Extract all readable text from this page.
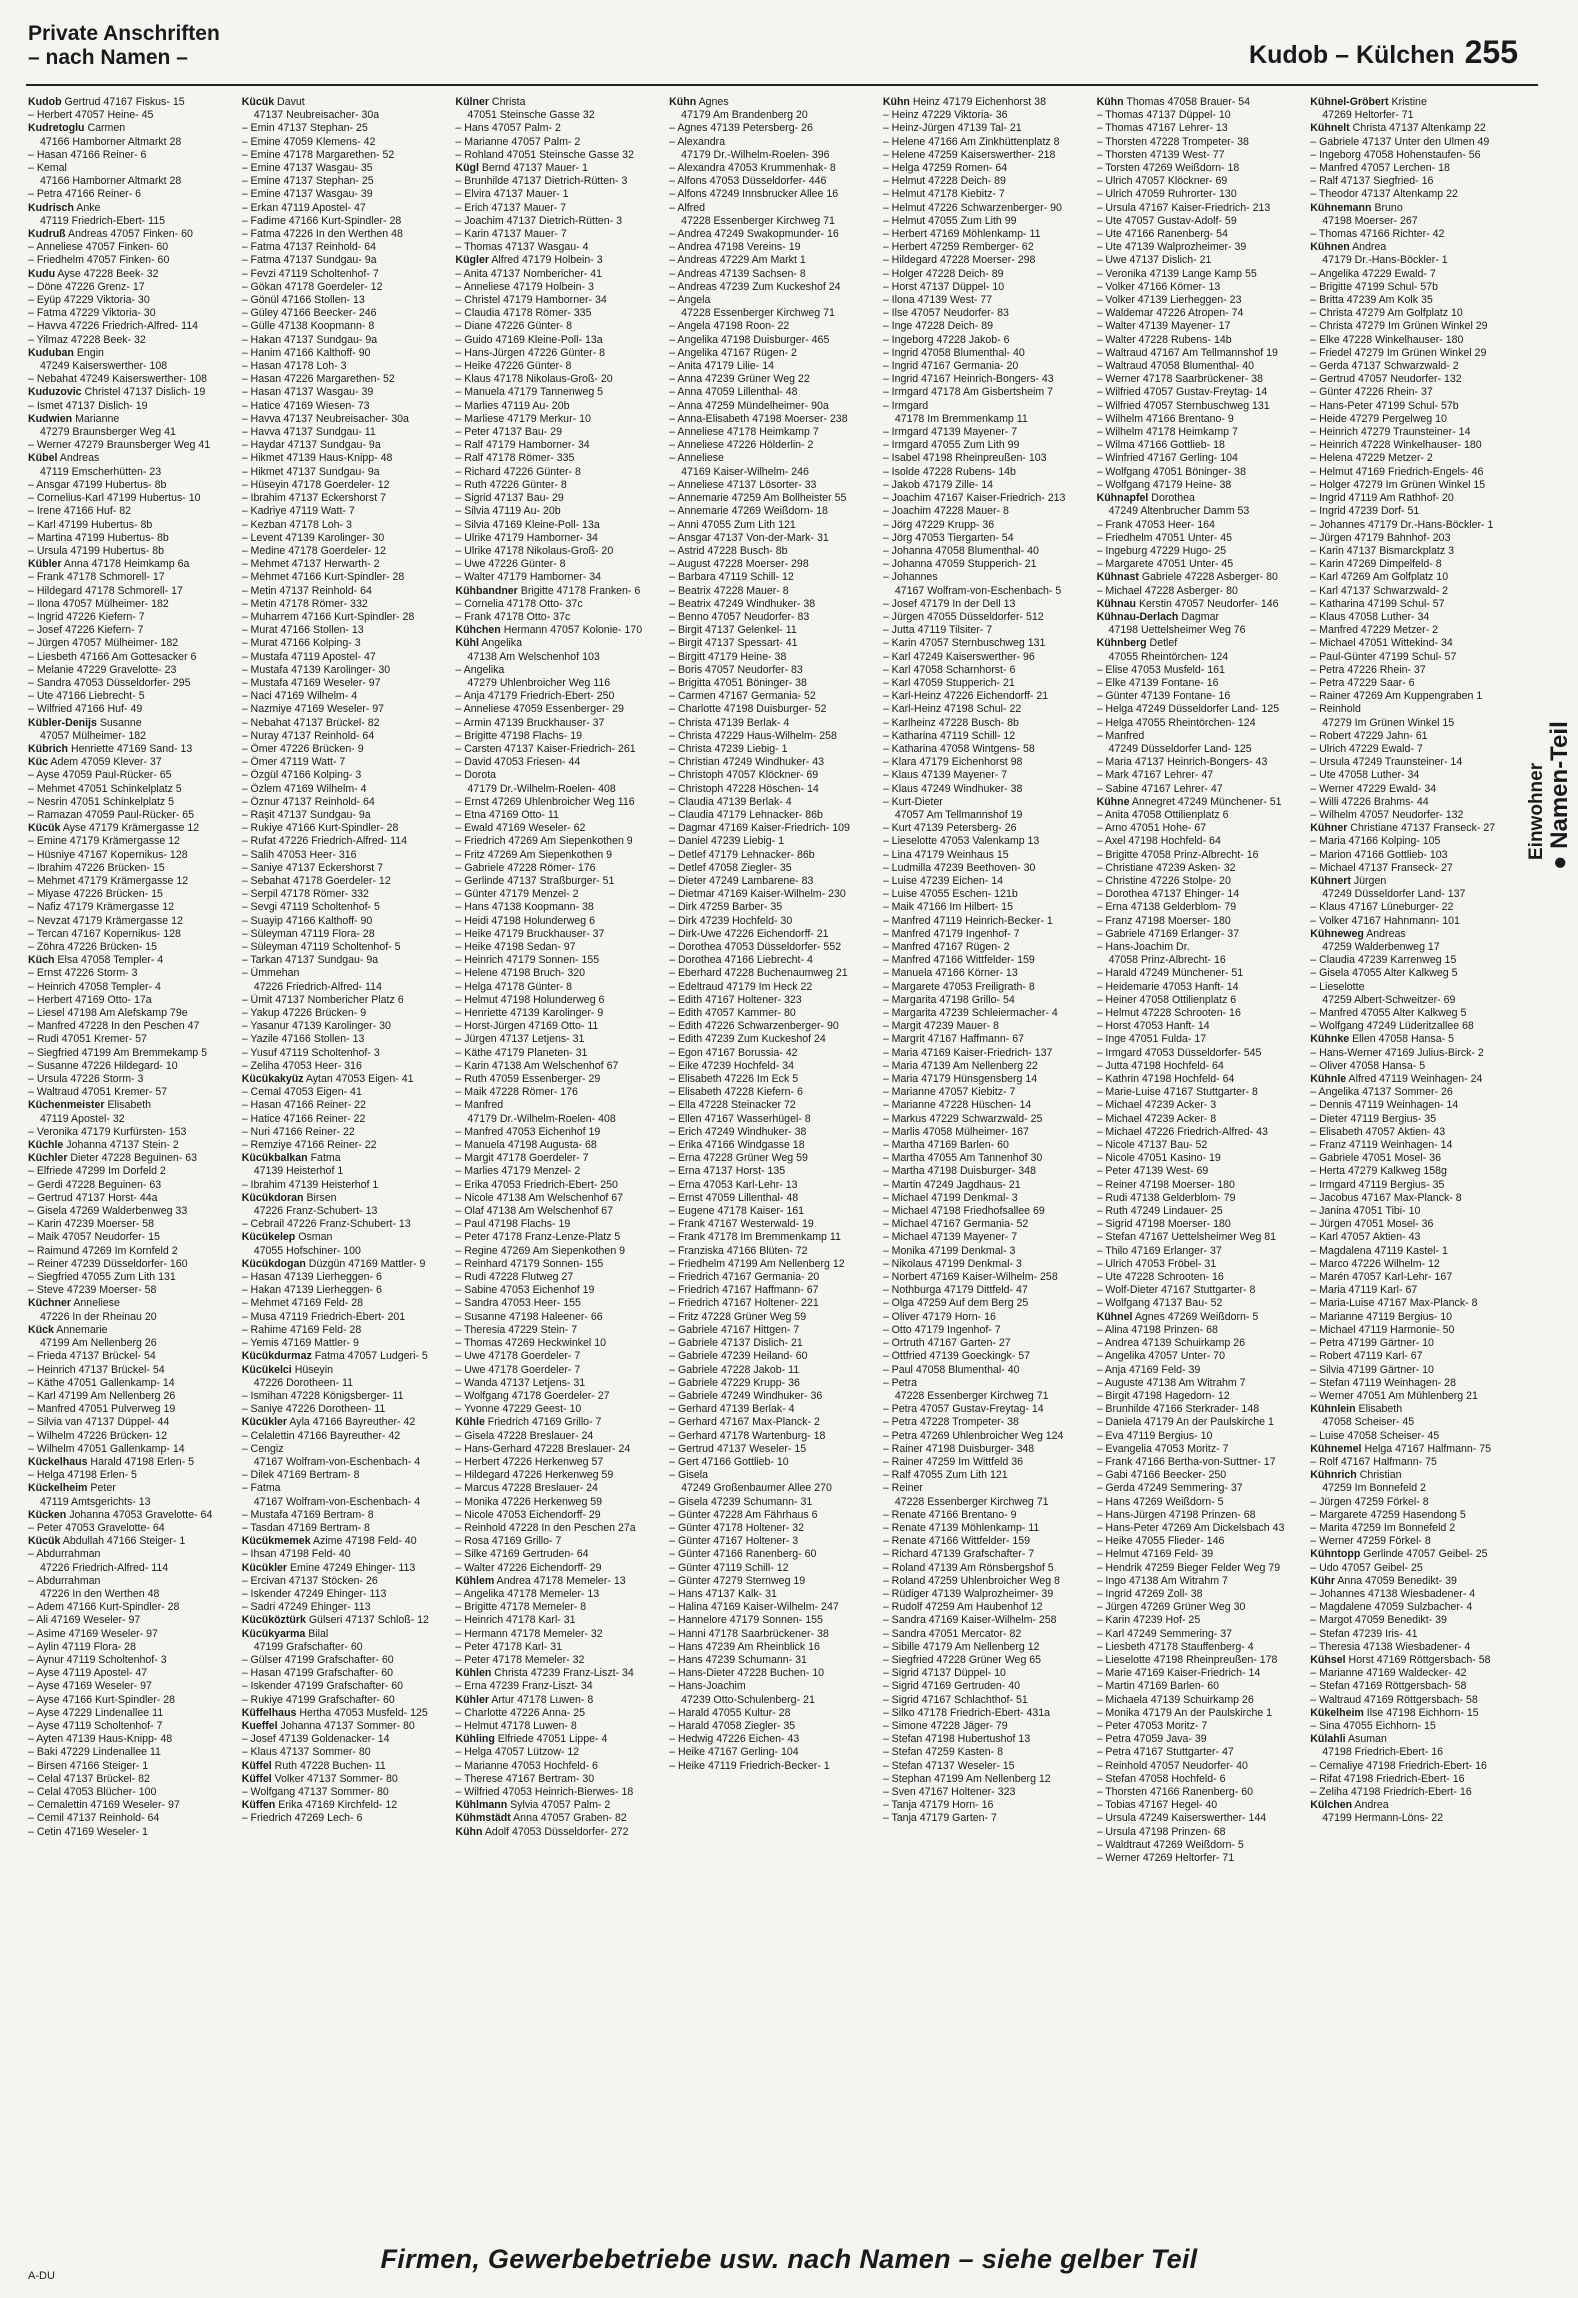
Private Anschriften
– nach Namen –	Kudob – Külchen 255
Kudob Gertrud 47167 Fiskus- 15
– Herbert 47057 Heine- 45
Kudretoglu Carmen
47166 Hamborner Altmarkt 28
– Hasan 47166 Reiner- 6
– Kemal
47166 Hamborner Altmarkt 28
– Petra 47166 Reiner- 6
Kudrisch Anke
47119 Friedrich-Ebert- 115
Kudruß Andreas 47057 Finken- 60
– Anneliese 47057 Finken- 60
– Friedhelm 47057 Finken- 60
Kudu Ayse 47228 Beek- 32
– Döne 47226 Grenz- 17
– Eyüp 47229 Viktoria- 30
– Fatma 47229 Viktoria- 30
– Havva 47226 Friedrich-Alfred- 114
– Yilmaz 47228 Beek- 32
Kuduban Engin
47249 Kaiserswerther- 108
– Nebahat 47249 Kaiserswerther- 108
Kuduzovic Christel 47137 Dislich- 19
– Ismet 47137 Dislich- 19
Kudwien Marianne
47279 Braunsberger Weg 41
– Werner 47279 Braunsberger Weg 41
Kübel Andreas
47119 Emscherhütten- 23
– Ansgar 47199 Hubertus- 8b
– Cornelius-Karl 47199 Hubertus- 10
– Irene 47166 Huf- 82
– Karl 47199 Hubertus- 8b
– Martina 47199 Hubertus- 8b
– Ursula 47199 Hubertus- 8b
Kübler Anna 47178 Heimkamp 6a
– Frank 47178 Schmorell- 17
– Hildegard 47178 Schmorell- 17
– Ilona 47057 Mülheimer- 182
– Ingrid 47226 Kiefern- 7
– Josef 47226 Kiefern- 7
– Jürgen 47057 Mülheimer- 182
– Liesbeth 47166 Am Gottesacker 6
– Melanie 47229 Gravelotte- 23
– Sandra 47053 Düsseldorfer- 295
– Ute 47166 Liebrecht- 5
– Wilfried 47166 Huf- 49
Kübler-Denijs Susanne
47057 Mülheimer- 182
Kübrich Henriette 47169 Sand- 13
Küc Adem 47059 Klever- 37
– Ayse 47059 Paul-Rücker- 65
– Mehmet 47051 Schinkelplatz 5
– Nesrin 47051 Schinkelplatz 5
– Ramazan 47059 Paul-Rücker- 65
Kücük Ayse 47179 Krämergasse 12
– Emine 47179 Krämergasse 12
– Hüsniye 47167 Kopernikus- 128
– Ibrahim 47226 Brücken- 15
– Mehmet 47179 Krämergasse 12
– Miyase 47226 Brücken- 15
– Nafiz 47179 Krämergasse 12
– Nevzat 47179 Krämergasse 12
– Tercan 47167 Kopernikus- 128
– Zöhra 47226 Brücken- 15
Küch Elsa 47058 Templer- 4
– Ernst 47226 Storm- 3
– Heinrich 47058 Templer- 4
– Herbert 47169 Otto- 17a
– Liesel 47198 Am Alefskamp 79e
– Manfred 47228 In den Peschen 47
– Rudi 47051 Kremer- 57
– Siegfried 47199 Am Bremmekamp 5
– Susanne 47226 Hildegard- 10
– Ursula 47226 Storm- 3
– Waltraud 47051 Kremer- 57
Küchenmeister Elisabeth
47119 Apostel- 32
– Veronika 47179 Kurfürsten- 153
Küchle Johanna 47137 Stein- 2
Küchler Dieter 47228 Beguinen- 63
– Elfriede 47299 Im Dorfeld 2
– Gerdi 47228 Beguinen- 63
– Gertrud 47137 Horst- 44a
– Gisela 47269 Walderbenweg 33
– Karin 47239 Moerser- 58
– Maik 47057 Neudorfer- 15
– Raimund 47269 Im Kornfeld 2
– Reiner 47239 Düsseldorfer- 160
– Siegfried 47055 Zum Lith 131
– Steve 47239 Moerser- 58
Küchner Anneliese
47226 In der Rheinau 20
Kück Annemarie
47199 Am Nellenberg 26
– Frieda 47137 Brückel- 54
– Heinrich 47137 Brückel- 54
– Käthe 47051 Gallenkamp- 14
– Karl 47199 Am Nellenberg 26
– Manfred 47051 Pulverweg 19
– Silvia van 47137 Düppel- 44
– Wilhelm 47226 Brücken- 12
– Wilhelm 47051 Gallenkamp- 14
Kückelhaus Harald 47198 Erlen- 5
– Helga 47198 Erlen- 5
Kückelheim Peter
47119 Amtsgerichts- 13
Kücken Johanna 47053 Gravelotte- 64
– Peter 47053 Gravelotte- 64
Kücük Abdullah 47166 Steiger- 1
– Abdurrahman
47226 Friedrich-Alfred- 114
– Abdurrahman
47226 In den Werthen 48
– Adem 47166 Kurt-Spindler- 28
– Ali 47169 Weseler- 97
– Asime 47169 Weseler- 97
– Aylin 47119 Flora- 28
– Aynur 47119 Scholtenhof- 3
– Ayse 47119 Apostel- 47
– Ayse 47169 Weseler- 97
– Ayse 47166 Kurt-Spindler- 28
– Ayse 47229 Lindenallee 11
– Ayse 47119 Scholtenhof- 7
– Ayten 47139 Haus-Knipp- 48
– Baki 47229 Lindenallee 11
– Birsen 47166 Steiger- 1
– Celal 47137 Brückel- 82
– Celal 47053 Blücher- 100
– Cemalettin 47169 Weseler- 97
– Cemil 47137 Reinhold- 64
– Cetin 47169 Weseler- 1
Kücük Davut
47137 Neubreisacher- 30a
– Emin 47137 Stephan- 25
– Emine 47059 Klemens- 42
– Emine 47178 Margarethen- 52
– Emine 47137 Wasgau- 35
– Emine 47137 Stephan- 25
– Emine 47137 Wasgau- 39
– Erkan 47119 Apostel- 47
– Fadime 47166 Kurt-Spindler- 28
– Fatma 47226 In den Werthen 48
– Fatma 47137 Reinhold- 64
– Fatma 47137 Sundgau- 9a
– Fevzi 47119 Scholtenhof- 7
– Gökan 47178 Goerdeler- 12
– Gönül 47166 Stollen- 13
– Güley 47166 Beecker- 246
– Gülle 47138 Koopmann- 8
– Hakan 47137 Sundgau- 9a
– Hanim 47166 Kalthoff- 90
– Hasan 47178 Loh- 3
– Hasan 47226 Margarethen- 52
– Hasan 47137 Wasgau- 39
– Hatice 47169 Wiesen- 73
– Havva 47137 Neubreisacher- 30a
– Havva 47137 Sundgau- 11
– Haydar 47137 Sundgau- 9a
– Hikmet 47139 Haus-Knipp- 48
– Hikmet 47137 Sundgau- 9a
– Hüseyin 47178 Goerdeler- 12
– Ibrahim 47137 Eckershorst 7
– Kadriye 47119 Watt- 7
– Kezban 47178 Loh- 3
– Levent 47139 Karolinger- 30
– Medine 47178 Goerdeler- 12
– Mehmet 47137 Herwarth- 2
– Mehmet 47166 Kurt-Spindler- 28
– Metin 47137 Reinhold- 64
– Metin 47178 Römer- 332
– Muharrem 47166 Kurt-Spindler- 28
– Murat 47166 Stollen- 13
– Murat 47166 Kolping- 3
– Mustafa 47119 Apostel- 47
– Mustafa 47139 Karolinger- 30
– Mustafa 47169 Weseler- 97
– Naci 47169 Wilhelm- 4
– Nazmiye 47169 Weseler- 97
– Nebahat 47137 Brückel- 82
– Nuray 47137 Reinhold- 64
– Ömer 47226 Brücken- 9
– Ömer 47119 Watt- 7
– Özgül 47166 Kolping- 3
– Özlem 47169 Wilhelm- 4
– Öznur 47137 Reinhold- 64
– Raşit 47137 Sundgau- 9a
– Rukiye 47166 Kurt-Spindler- 28
– Rufat 47226 Friedrich-Alfred- 114
– Salih 47053 Heer- 316
– Saniye 47137 Eckershorst 7
– Sebahat 47178 Goerdeler- 12
– Serpil 47178 Römer- 332
– Sevgi 47119 Scholtenhof- 5
– Suayip 47166 Kalthoff- 90
– Süleyman 47119 Flora- 28
– Süleyman 47119 Scholtenhof- 5
– Tarkan 47137 Sundgau- 9a
– Ümmehan
47226 Friedrich-Alfred- 114
– Ümit 47137 Nombericher Platz 6
– Yakup 47226 Brücken- 9
– Yasanur 47139 Karolinger- 30
– Yazile 47166 Stollen- 13
– Yusuf 47119 Scholtenhof- 3
– Zeliha 47053 Heer- 316
Kücükakyüz Aytan 47053 Eigen- 41
– Cemal 47053 Eigen- 41
– Hasan 47166 Reiner- 22
– Hatice 47166 Reiner- 22
– Nuri 47166 Reiner- 22
– Remziye 47166 Reiner- 22
Kücükbalkan Fatma
47139 Heisterhof 1
– Ibrahim 47139 Heisterhof 1
Kücükdoran Birsen
47226 Franz-Schubert- 13
– Cebrail 47226 Franz-Schubert- 13
Kücükelep Osman
47055 Hofschiner- 100
Kücükdogan Düzgün 47169 Mattler- 9
– Hasan 47139 Lierheggen- 6
– Hakan 47139 Lierheggen- 6
– Mehmet 47169 Feld- 28
– Musa 47119 Friedrich-Ebert- 201
– Rahime 47169 Feld- 28
– Yemis 47169 Mattler- 9
Kücükdurmaz Fatma 47057 Ludgeri- 5
Kücükelci Hüseyin
47226 Dorotheen- 11
– Ismihan 47228 Königsberger- 11
– Saniye 47226 Dorotheen- 11
Kücükler Ayla 47166 Bayreuther- 42
– Celalettin 47166 Bayreuther- 42
– Cengiz
47167 Wolfram-von-Eschenbach- 4
– Dilek 47169 Bertram- 8
– Fatma
47167 Wolfram-von-Eschenbach- 4
– Mustafa 47169 Bertram- 8
– Tasdan 47169 Bertram- 8
Kücükmemek Azime 47198 Feld- 40
– Ihsan 47198 Feld- 40
Kücükler Emine 47249 Ehinger- 113
– Ercivan 47137 Stöcken- 26
– Iskender 47249 Ehinger- 113
– Sadri 47249 Ehinger- 113
Kücüköztürk Gülseri 47137 Schloß- 12
Kücükyarma Bilal
47199 Grafschafter- 60
– Gülser 47199 Grafschafter- 60
– Hasan 47199 Grafschafter- 60
– Iskender 47199 Grafschafter- 60
– Rukiye 47199 Grafschafter- 60
Küffelhaus Hertha 47053 Musfeld- 125
Kueffel Johanna 47137 Sommer- 80
– Josef 47139 Goldenacker- 14
– Klaus 47137 Sommer- 80
Küffel Ruth 47228 Buchen- 11
Küffel Volker 47137 Sommer- 80
– Wolfgang 47137 Sommer- 80
Küffen Erika 47169 Kirchfeld- 12
– Friedrich 47269 Lech- 6
Külner Christa
47051 Steinsche Gasse 32
– Hans 47057 Palm- 2
– Marianne 47057 Palm- 2
– Rohland 47051 Steinsche Gasse 32
Kügl Bernd 47137 Mauer- 1
– Brunhilde 47137 Dietrich-Rütten- 3
– Elvira 47137 Mauer- 1
– Erich 47137 Mauer- 7
– Joachim 47137 Dietrich-Rütten- 3
– Karin 47137 Mauer- 7
– Thomas 47137 Wasgau- 4
Kügler Alfred 47179 Holbein- 3
– Anita 47137 Nombericher- 41
– Anneliese 47179 Holbein- 3
– Christel 47179 Hamborner- 34
– Claudia 47178 Römer- 335
– Diane 47226 Günter- 8
– Guido 47169 Kleine-Poll- 13a
– Hans-Jürgen 47226 Günter- 8
– Heike 47226 Günter- 8
– Klaus 47178 Nikolaus-Groß- 20
– Manuela 47179 Tannenweg 5
– Marlies 47119 Au- 20b
– Marliese 47179 Merkur- 10
– Peter 47137 Bau- 29
– Ralf 47179 Hamborner- 34
– Ralf 47178 Römer- 335
– Richard 47226 Günter- 8
– Ruth 47226 Günter- 8
– Sigrid 47137 Bau- 29
– Silvia 47119 Au- 20b
– Silvia 47169 Kleine-Poll- 13a
– Ulrike 47179 Hamborner- 34
– Ulrike 47178 Nikolaus-Groß- 20
– Uwe 47226 Günter- 8
– Walter 47179 Hamborner- 34
Kühbandner Brigitte 47178 Franken- 6
– Cornelia 47178 Otto- 37c
– Frank 47178 Otto- 37c
Kühchen Hermann 47057 Kolonie- 170
Kühl Angelika
47138 Am Welschenhof 103
– Angelika
47279 Uhlenbroicher Weg 116
– Anja 47179 Friedrich-Ebert- 250
– Anneliese 47059 Essenberger- 29
– Armin 47139 Bruckhauser- 37
– Brigitte 47198 Flachs- 19
– Carsten 47137 Kaiser-Friedrich- 261
– David 47053 Friesen- 44
– Dorota
47179 Dr.-Wilhelm-Roelen- 408
– Ernst 47269 Uhlenbroicher Weg 116
– Etna 47169 Otto- 11
– Ewald 47169 Weseler- 62
– Friedrich 47269 Am Siepenkothen 9
– Fritz 47269 Am Siepenkothen 9
– Gabriele 47228 Römer- 176
– Gerlinde 47137 Straßburger- 51
– Günter 47179 Menzel- 2
– Hans 47138 Koopmann- 38
– Heidi 47198 Holunderweg 6
– Heike 47179 Bruckhauser- 37
– Heike 47198 Sedan- 97
– Heinrich 47179 Sonnen- 155
– Helene 47198 Bruch- 320
– Helga 47178 Günter- 8
– Helmut 47198 Holunderweg 6
– Henriette 47139 Karolinger- 9
– Horst-Jürgen 47169 Otto- 11
– Jürgen 47137 Letjens- 31
– Käthe 47179 Planeten- 31
– Karin 47138 Am Welschenhof 67
– Ruth 47059 Essenberger- 29
– Maik 47228 Römer- 176
– Manfred
47179 Dr.-Wilhelm-Roelen- 408
– Manfred 47053 Eichenhof 19
– Manuela 47198 Augusta- 68
– Margit 47178 Goerdeler- 7
– Marlies 47179 Menzel- 2
– Erika 47053 Friedrich-Ebert- 250
– Nicole 47138 Am Welschenhof 67
– Olaf 47138 Am Welschenhof 67
– Paul 47198 Flachs- 19
– Peter 47178 Franz-Lenze-Platz 5
– Regine 47269 Am Siepenkothen 9
– Reinhard 47179 Sonnen- 155
– Rudi 47228 Flutweg 27
– Sabine 47053 Eichenhof 19
– Sandra 47053 Heer- 155
– Susanne 47198 Haleener- 66
– Theresia 47229 Stein- 7
– Thomas 47269 Heckwinkel 10
– Uwe 47178 Goerdeler- 7
– Uwe 47178 Goerdeler- 7
– Wanda 47137 Letjens- 31
– Wolfgang 47178 Goerdeler- 27
– Yvonne 47229 Geest- 10
Kühle Friedrich 47169 Grillo- 7
– Gisela 47228 Breslauer- 24
– Hans-Gerhard 47228 Breslauer- 24
– Herbert 47226 Herkenweg 57
– Hildegard 47226 Herkenweg 59
– Marcus 47228 Breslauer- 24
– Monika 47226 Herkenweg 59
– Nicole 47053 Eichendorff- 29
– Reinhold 47228 In den Peschen 27a
– Rosa 47169 Grillo- 7
– Silke 47169 Gertruden- 64
– Walter 47226 Eichendorff- 29
Kühlem Andrea 47178 Memeler- 13
– Angelika 47178 Memeler- 13
– Brigitte 47178 Memeler- 8
– Heinrich 47178 Karl- 31
– Hermann 47178 Memeler- 32
– Peter 47178 Karl- 31
– Peter 47178 Memeler- 32
Kühlen Christa 47239 Franz-Liszt- 34
– Erna 47239 Franz-Liszt- 34
Kühler Artur 47178 Luwen- 8
– Charlotte 47226 Anna- 25
– Helmut 47178 Luwen- 8
Kühling Elfriede 47051 Lippe- 4
– Helga 47057 Lützow- 12
– Marianne 47053 Hochfeld- 6
– Therese 47167 Bertram- 30
– Wilfried 47053 Heinrich-Bierwes- 18
Kühlmann Sylvia 47057 Palm- 2
Kühmstädt Anna 47057 Graben- 82
Kühn Adolf 47053 Düsseldorfer- 272
Kühn Agnes
47179 Am Brandenberg 20
– Agnes 47139 Petersberg- 26
– Alexandra
47179 Dr.-Wilhelm-Roelen- 396
– Alexandra 47053 Krummenhak- 8
– Alfons 47053 Düsseldorfer- 446
– Alfons 47249 Innsbrucker Allee 16
– Alfred
47228 Essenberger Kirchweg 71
– Andrea 47249 Swakopmunder- 16
– Andrea 47198 Vereins- 19
– Andreas 47229 Am Markt 1
– Andreas 47139 Sachsen- 8
– Andreas 47239 Zum Kuckeshof 24
– Angela
47228 Essenberger Kirchweg 71
– Angela 47198 Roon- 22
– Angelika 47198 Duisburger- 465
– Angelika 47167 Rügen- 2
– Anita 47179 Lilie- 14
– Anna 47239 Grüner Weg 22
– Anna 47059 Lillenthal- 48
– Anna 47259 Mündelheimer- 90a
– Anna-Elisabeth 47198 Moerser- 238
– Anneliese 47178 Heimkamp 7
– Anneliese 47226 Hölderlin- 2
– Anneliese
47169 Kaiser-Wilhelm- 246
– Anneliese 47137 Lösorter- 33
– Annemarie 47259 Am Bollheister 55
– Annemarie 47269 Weißdorn- 18
– Anni 47055 Zum Lith 121
– Ansgar 47137 Von-der-Mark- 31
– Astrid 47228 Busch- 8b
– August 47228 Moerser- 298
– Barbara 47119 Schill- 12
– Beatrix 47228 Mauer- 8
– Beatrix 47249 Windhuker- 38
– Benno 47057 Neudorfer- 83
– Birgit 47137 Gelenkel- 11
– Birgit 47137 Spessart- 41
– Birgitt 47179 Heine- 38
– Boris 47057 Neudorfer- 83
– Brigitta 47051 Böninger- 38
– Carmen 47167 Germania- 52
– Charlotte 47198 Duisburger- 52
– Christa 47139 Berlak- 4
– Christa 47229 Haus-Wilhelm- 258
– Christa 47239 Liebig- 1
– Christian 47249 Windhuker- 43
– Christoph 47057 Klöckner- 69
– Christoph 47228 Höschen- 14
– Claudia 47139 Berlak- 4
– Claudia 47179 Lehnacker- 86b
– Dagmar 47169 Kaiser-Friedrich- 109
– Daniel 47239 Liebig- 1
– Detlef 47179 Lehnacker- 86b
– Detlef 47058 Ziegler- 35
– Dieter 47249 Lambarene- 83
– Dietmar 47169 Kaiser-Wilhelm- 230
– Dirk 47259 Barber- 35
– Dirk 47239 Hochfeld- 30
– Dirk-Uwe 47226 Eichendorff- 21
– Dorothea 47053 Düsseldorfer- 552
– Dorothea 47166 Liebrecht- 4
– Eberhard 47228 Buchenaumweg 21
– Edeltraud 47179 Im Heck 22
– Edith 47167 Holtener- 323
– Edith 47057 Kammer- 80
– Edith 47226 Schwarzenberger- 90
– Edith 47239 Zum Kuckeshof 24
– Egon 47167 Borussia- 42
– Eike 47239 Hochfeld- 34
– Elisabeth 47226 Im Eck 5
– Elisabeth 47228 Kiefern- 6
– Ella 47228 Steinacker 72
– Ellen 47167 Wasserhügel- 8
– Erich 47249 Windhuker- 38
– Erika 47166 Windgasse 18
– Erna 47228 Grüner Weg 59
– Erna 47137 Horst- 135
– Erna 47053 Karl-Lehr- 13
– Ernst 47059 Lillenthal- 48
– Eugene 47178 Kaiser- 161
– Frank 47167 Westerwald- 19
– Frank 47178 Im Bremmenkamp 11
– Franziska 47166 Blüten- 72
– Friedhelm 47199 Am Nellenberg 12
– Friedrich 47167 Germania- 20
– Friedrich 47167 Haffmann- 67
– Friedrich 47167 Holtener- 221
– Fritz 47228 Grüner Weg 59
– Gabriele 47167 Hittgen- 7
– Gabriele 47137 Dislich- 21
– Gabriele 47239 Heiland- 60
– Gabriele 47228 Jakob- 11
– Gabriele 47229 Krupp- 36
– Gabriele 47249 Windhuker- 36
– Gerhard 47139 Berlak- 4
– Gerhard 47167 Max-Planck- 2
– Gerhard 47178 Wartenburg- 18
– Gertrud 47137 Weseler- 15
– Gert 47166 Gottlieb- 10
– Gisela
47249 Großenbaumer Allee 270
– Gisela 47239 Schumann- 31
– Günter 47228 Am Fährhaus 6
– Günter 47178 Holtener- 32
– Günter 47167 Holtener- 3
– Günter 47166 Ranenberg- 60
– Günter 47119 Schill- 12
– Günter 47279 Sternweg 19
– Hans 47137 Kalk- 31
– Halina 47169 Kaiser-Wilhelm- 247
– Hannelore 47179 Sonnen- 155
– Hanni 47178 Saarbrückener- 38
– Hans 47239 Am Rheinblick 16
– Hans 47239 Schumann- 31
– Hans-Dieter 47228 Buchen- 10
– Hans-Joachim
47239 Otto-Schulenberg- 21
– Harald 47055 Kultur- 28
– Harald 47058 Ziegler- 35
– Hedwig 47226 Eichen- 43
– Heike 47167 Gerling- 104
– Heike 47119 Friedrich-Becker- 1
Kühn Heinz 47179 Eichenhorst 38
– Heinz 47229 Viktoria- 36
– Heinz-Jürgen 47139 Tal- 21
– Helene 47166 Am Zinkhüttenplatz 8
– Helene 47259 Kaiserswerther- 218
– Helga 47259 Romen- 64
– Helmut 47228 Deich- 89
– Helmut 47178 Kiebitz- 7
– Helmut 47226 Schwarzenberger- 90
– Helmut 47055 Zum Lith 99
– Herbert 47169 Möhlenkamp- 11
– Herbert 47259 Remberger- 62
– Hildegard 47228 Moerser- 298
– Holger 47228 Deich- 89
– Horst 47137 Düppel- 10
– Ilona 47139 West- 77
– Ilse 47057 Neudorfer- 83
– Inge 47228 Deich- 89
– Ingeborg 47228 Jakob- 6
– Ingrid 47058 Blumenthal- 40
– Ingrid 47167 Germania- 20
– Ingrid 47167 Heinrich-Bongers- 43
– Irmgard 47178 Am Gisbertsheim 7
– Irmgard
47178 Im Bremmenkamp 11
– Irmgard 47139 Mayener- 7
– Irmgard 47055 Zum Lith 99
– Isabel 47198 Rheinpreußen- 103
– Isolde 47228 Rubens- 14b
– Jakob 47179 Zille- 14
– Joachim 47167 Kaiser-Friedrich- 213
– Joachim 47228 Mauer- 8
– Jörg 47229 Krupp- 36
– Jörg 47053 Tiergarten- 54
– Johanna 47058 Blumenthal- 40
– Johanna 47059 Stupperich- 21
– Johannes
47167 Wolfram-von-Eschenbach- 5
– Josef 47179 In der Dell 13
– Jürgen 47055 Düsseldorfer- 512
– Jutta 47119 Tilsiter- 7
– Karin 47057 Sternbuschweg 131
– Karl 47249 Kaiserswerther- 96
– Karl 47058 Scharnhorst- 6
– Karl 47059 Stupperich- 21
– Karl-Heinz 47226 Eichendorff- 21
– Karl-Heinz 47198 Schul- 22
– Karlheinz 47228 Busch- 8b
– Katharina 47119 Schill- 12
– Katharina 47058 Wintgens- 58
– Klara 47179 Eichenhorst 98
– Klaus 47139 Mayener- 7
– Klaus 47249 Windhuker- 38
– Kurt-Dieter
47057 Am Tellmannshof 19
– Kurt 47139 Petersberg- 26
– Lieselotte 47053 Valenkamp 13
– Lina 47179 Weinhaus 15
– Ludmilla 47239 Beethoven- 30
– Luise 47239 Eichen- 14
– Luise 47055 Eschen- 121b
– Maik 47166 Im Hilbert- 15
– Manfred 47119 Heinrich-Becker- 1
– Manfred 47179 Ingenhof- 7
– Manfred 47167 Rügen- 2
– Manfred 47166 Wittfelder- 159
– Manuela 47166 Körner- 13
– Margarete 47053 Freiligrath- 8
– Margarita 47198 Grillo- 54
– Margarita 47239 Schleiermacher- 4
– Margit 47239 Mauer- 8
– Margrit 47167 Haffmann- 67
– Maria 47169 Kaiser-Friedrich- 137
– Maria 47139 Am Nellenberg 22
– Maria 47179 Hünsgensberg 14
– Marianne 47057 Kiebitz- 7
– Marianne 47228 Hüschen- 14
– Markus 47229 Schwarzwald- 25
– Marlis 47058 Mülheimer- 167
– Martha 47169 Barlen- 60
– Martha 47055 Am Tannenhof 30
– Martha 47198 Duisburger- 348
– Martin 47249 Jagdhaus- 21
– Michael 47199 Denkmal- 3
– Michael 47198 Friedhofsallee 69
– Michael 47167 Germania- 52
– Michael 47139 Mayener- 7
– Monika 47199 Denkmal- 3
– Nikolaus 47199 Denkmal- 3
– Norbert 47169 Kaiser-Wilhelm- 258
– Nothburga 47179 Dittfeld- 47
– Olga 47259 Auf dem Berg 25
– Oliver 47179 Horn- 16
– Otto 47179 Ingenhof- 7
– Ortruth 47167 Garten- 27
– Ottfried 47139 Goeckingk- 57
– Paul 47058 Blumenthal- 40
– Petra
47228 Essenberger Kirchweg 71
– Petra 47057 Gustav-Freytag- 14
– Petra 47228 Trompeter- 38
– Petra 47269 Uhlenbroicher Weg 124
– Rainer 47198 Duisburger- 348
– Rainer 47259 Im Wittfeld 36
– Ralf 47055 Zum Lith 121
– Reiner
47228 Essenberger Kirchweg 71
– Renate 47166 Brentano- 9
– Renate 47139 Möhlenkamp- 11
– Renate 47166 Wittfelder- 159
– Richard 47139 Grafschafter- 7
– Roland 47139 Am Rönsbergshof 5
– Roland 47259 Uhlenbroicher Weg 8
– Rüdiger 47139 Walprozheimer- 39
– Rudolf 47259 Am Haubenhof 12
– Sandra 47169 Kaiser-Wilhelm- 258
– Sandra 47051 Mercator- 82
– Sibille 47179 Am Nellenberg 12
– Siegfried 47228 Grüner Weg 65
– Sigrid 47137 Düppel- 10
– Sigrid 47169 Gertruden- 40
– Sigrid 47167 Schlachthof- 51
– Silko 47178 Friedrich-Ebert- 431a
– Simone 47228 Jäger- 79
– Stefan 47198 Hubertushof 13
– Stefan 47259 Kasten- 8
– Stefan 47137 Weseler- 15
– Stephan 47199 Am Nellenberg 12
– Sven 47167 Holtener- 323
– Tanja 47179 Horn- 16
– Tanja 47179 Garten- 7
Kühn Thomas 47058 Brauer- 54
– Thomas 47137 Düppel- 10
– Thomas 47167 Lehrer- 13
– Thorsten 47228 Trompeter- 38
– Thorsten 47139 West- 77
– Torsten 47269 Weißdorn- 18
– Ulrich 47057 Klöckner- 69
– Ulrich 47059 Ruhrorter- 130
– Ursula 47167 Kaiser-Friedrich- 213
– Ute 47057 Gustav-Adolf- 59
– Ute 47166 Ranenberg- 54
– Ute 47139 Walprozheimer- 39
– Uwe 47137 Dislich- 21
– Veronika 47139 Lange Kamp 55
– Volker 47166 Körner- 13
– Volker 47139 Lierheggen- 23
– Waldemar 47226 Atropen- 74
– Walter 47139 Mayener- 17
– Walter 47228 Rubens- 14b
– Waltraud 47167 Am Tellmannshof 19
– Waltraud 47058 Blumenthal- 40
– Werner 47178 Saarbrückener- 38
– Wilfried 47057 Gustav-Freytag- 14
– Wilfried 47057 Sternbuschweg 131
– Wilhelm 47166 Brentano- 9
– Wilhelm 47178 Heimkamp 7
– Wilma 47166 Gottlieb- 18
– Winfried 47167 Gerling- 104
– Wolfgang 47051 Böninger- 38
– Wolfgang 47179 Heine- 38
Kühnapfel Dorothea
47249 Altenbrucher Damm 53
– Frank 47053 Heer- 164
– Friedhelm 47051 Unter- 45
– Ingeburg 47229 Hugo- 25
– Margarete 47051 Unter- 45
Kühnast Gabriele 47228 Asberger- 80
– Michael 47228 Asberger- 80
Kühnau Kerstin 47057 Neudorfer- 146
Kühnau-Derlach Dagmar
47198 Uettelsheimer Weg 76
Kühnberg Detlef
47055 Rheintörchen- 124
– Elise 47053 Musfeld- 161
– Elke 47139 Fontane- 16
– Günter 47139 Fontane- 16
– Helga 47249 Düsseldorfer Land- 125
– Helga 47055 Rheintörchen- 124
– Manfred
47249 Düsseldorfer Land- 125
– Maria 47137 Heinrich-Bongers- 43
– Mark 47167 Lehrer- 47
– Sabine 47167 Lehrer- 47
Kühne Annegret 47249 Münchener- 51
– Anita 47058 Ottilienplatz 6
– Arno 47051 Hohe- 67
– Axel 47198 Hochfeld- 64
– Brigitte 47058 Prinz-Albrecht- 16
– Christiane 47239 Asken- 32
– Christine 47226 Stolpe- 20
– Dorothea 47137 Ehinger- 14
– Erna 47138 Gelderblom- 79
– Franz 47198 Moerser- 180
– Gabriele 47169 Erlanger- 37
– Hans-Joachim Dr.
47058 Prinz-Albrecht- 16
– Harald 47249 Münchener- 51
– Heidemarie 47053 Hanft- 14
– Heiner 47058 Ottilienplatz 6
– Helmut 47228 Schrooten- 16
– Horst 47053 Hanft- 14
– Inge 47051 Fulda- 17
– Irmgard 47053 Düsseldorfer- 545
– Jutta 47198 Hochfeld- 64
– Kathrin 47198 Hochfeld- 64
– Marie-Luise 47167 Stuttgarter- 8
– Michael 47239 Acker- 3
– Michael 47239 Acker- 8
– Michael 47226 Friedrich-Alfred- 43
– Nicole 47137 Bau- 52
– Nicole 47051 Kasino- 19
– Peter 47139 West- 69
– Reiner 47198 Moerser- 180
– Rudi 47138 Gelderblom- 79
– Ruth 47249 Lindauer- 25
– Sigrid 47198 Moerser- 180
– Stefan 47167 Uettelsheimer Weg 81
– Thilo 47169 Erlanger- 37
– Ulrich 47053 Fröbel- 31
– Ute 47228 Schrooten- 16
– Wolf-Dieter 47167 Stuttgarter- 8
– Wolfgang 47137 Bau- 52
Kühnel Agnes 47269 Weißdorn- 5
– Alina 47198 Prinzen- 68
– Andrea 47139 Schuirkamp 26
– Angelika 47057 Unter- 70
– Anja 47169 Feld- 39
– Auguste 47138 Am Witrahm 7
– Birgit 47198 Hagedorn- 12
– Brunhilde 47166 Sterkrader- 148
– Daniela 47179 An der Paulskirche 1
– Eva 47119 Bergius- 10
– Evangelia 47053 Moritz- 7
– Frank 47166 Bertha-von-Suttner- 17
– Gabi 47166 Beecker- 250
– Gerda 47249 Semmering- 37
– Hans 47269 Weißdorn- 5
– Hans-Jürgen 47198 Prinzen- 68
– Hans-Peter 47269 Am Dickelsbach 43
– Heike 47055 Flieder- 146
– Helmut 47169 Feld- 39
– Hendrik 47259 Bieger Felder Weg 79
– Ingo 47138 Am Witrahm 7
– Ingrid 47269 Zoll- 38
– Jürgen 47269 Grüner Weg 30
– Karin 47239 Hof- 25
– Karl 47249 Semmering- 37
– Liesbeth 47178 Stauffenberg- 4
– Lieselotte 47198 Rheinpreußen- 178
– Marie 47169 Kaiser-Friedrich- 14
– Martin 47169 Barlen- 60
– Michaela 47139 Schuirkamp 26
– Monika 47179 An der Paulskirche 1
– Peter 47053 Moritz- 7
– Petra 47059 Java- 39
– Petra 47167 Stuttgarter- 47
– Reinhold 47057 Neudorfer- 40
– Stefan 47058 Hochfeld- 6
– Thorsten 47166 Ranenberg- 60
– Tobias 47167 Hegel- 40
– Ursula 47249 Kaiserswerther- 144
– Ursula 47198 Prinzen- 68
– Waldtraut 47269 Weißdorn- 5
– Werner 47269 Heltorfer- 71
Kühnel-Gröbert Kristine
47269 Heltorfer- 71
Kühnelt Christa 47137 Altenkamp 22
– Gabriele 47137 Unter den Ulmen 49
– Ingeborg 47058 Hohenstaufen- 56
– Manfred 47057 Lerchen- 18
– Ralf 47137 Siegfried- 16
– Theodor 47137 Altenkamp 22
Kühnemann Bruno
47198 Moerser- 267
– Thomas 47166 Richter- 42
Kühnen Andrea
47179 Dr.-Hans-Böckler- 1
– Angelika 47229 Ewald- 7
– Brigitte 47199 Schul- 57b
– Britta 47239 Am Kolk 35
– Christa 47279 Am Golfplatz 10
– Christa 47279 Im Grünen Winkel 29
– Elke 47228 Winkelhauser- 180
– Friedel 47279 Im Grünen Winkel 29
– Gerda 47137 Schwarzwald- 2
– Gertrud 47057 Neudorfer- 132
– Günter 47226 Rhein- 37
– Hans-Peter 47199 Schul- 57b
– Heide 47279 Pergelweg 10
– Heinrich 47279 Traunsteiner- 14
– Heinrich 47228 Winkelhauser- 180
– Helena 47229 Metzer- 2
– Helmut 47169 Friedrich-Engels- 46
– Holger 47279 Im Grünen Winkel 15
– Ingrid 47119 Am Rathhof- 20
– Ingrid 47239 Dorf- 51
– Johannes 47179 Dr.-Hans-Böckler- 1
– Jürgen 47179 Bahnhof- 203
– Karin 47137 Bismarckplatz 3
– Karin 47269 Dimpelfeld- 8
– Karl 47269 Am Golfplatz 10
– Karl 47137 Schwarzwald- 2
– Katharina 47199 Schul- 57
– Klaus 47058 Luther- 34
– Manfred 47229 Metzer- 2
– Michael 47051 Wittekind- 34
– Paul-Günter 47199 Schul- 57
– Petra 47226 Rhein- 37
– Petra 47229 Saar- 6
– Rainer 47269 Am Kuppengraben 1
– Reinhold
47279 Im Grünen Winkel 15
– Robert 47229 Jahn- 61
– Ulrich 47229 Ewald- 7
– Ursula 47249 Traunsteiner- 14
– Ute 47058 Luther- 34
– Werner 47229 Ewald- 34
– Willi 47226 Brahms- 44
– Wilhelm 47057 Neudorfer- 132
Kühner Christiane 47137 Franseck- 27
– Maria 47166 Kolping- 105
– Marion 47166 Gottlieb- 103
– Michael 47137 Franseck- 27
Kühnert Jürgen
47249 Düsseldorfer Land- 137
– Klaus 47167 Lüneburger- 22
– Volker 47167 Hahnmann- 101
Kühneweg Andreas
47259 Walderbenweg 17
– Claudia 47239 Karrenweg 15
– Gisela 47055 Alter Kalkweg 5
– Lieselotte
47259 Albert-Schweitzer- 69
– Manfred 47055 Alter Kalkweg 5
– Wolfgang 47249 Lüderitzallee 68
Kühnke Ellen 47058 Hansa- 5
– Hans-Werner 47169 Julius-Birck- 2
– Oliver 47058 Hansa- 5
Kühnle Alfred 47119 Weinhagen- 24
– Angelika 47137 Sommer- 26
– Dennis 47119 Weinhagen- 14
– Dieter 47119 Bergius- 35
– Elisabeth 47057 Aktien- 43
– Franz 47119 Weinhagen- 14
– Gabriele 47051 Mosel- 36
– Herta 47279 Kalkweg 158g
– Irmgard 47119 Bergius- 35
– Jacobus 47167 Max-Planck- 8
– Janina 47051 Tibi- 10
– Jürgen 47051 Mosel- 36
– Karl 47057 Aktien- 43
– Magdalena 47119 Kastel- 1
– Marco 47226 Wilhelm- 12
– Marén 47057 Karl-Lehr- 167
– Maria 47119 Karl- 67
– Maria-Luise 47167 Max-Planck- 8
– Marianne 47119 Bergius- 10
– Michael 47119 Harmonie- 50
– Petra 47199 Gärtner- 10
– Robert 47119 Karl- 67
– Silvia 47199 Gärtner- 10
– Stefan 47119 Weinhagen- 28
– Werner 47051 Am Mühlenberg 21
Kühnlein Elisabeth
47058 Scheiser- 45
– Luise 47058 Scheiser- 45
Kühnemel Helga 47167 Halfmann- 75
– Rolf 47167 Halfmann- 75
Kühnrich Christian
47259 Im Bonnefeld 2
– Jürgen 47259 Förkel- 8
– Margarete 47259 Hasendong 5
– Marita 47259 Im Bonnefeld 2
– Werner 47259 Förkel- 8
Kühntopp Gerlinde 47057 Geibel- 25
– Udo 47057 Geibel- 25
Kühr Anna 47059 Benedikt- 39
– Johannes 47138 Wiesbadener- 4
– Magdalene 47059 Sulzbacher- 4
– Margot 47059 Benedikt- 39
– Stefan 47239 Iris- 41
– Theresia 47138 Wiesbadener- 4
Kühsel Horst 47169 Röttgersbach- 58
– Marianne 47169 Waldecker- 42
– Stefan 47169 Röttgersbach- 58
– Waltraud 47169 Röttgersbach- 58
Kükelheim Ilse 47198 Eichhorn- 15
– Sina 47055 Eichhorn- 15
Külahli Asuman
47198 Friedrich-Ebert- 16
– Cemaliye 47198 Friedrich-Ebert- 16
– Rifat 47198 Friedrich-Ebert- 16
– Zeliha 47198 Friedrich-Ebert- 16
Külchen Andrea
47199 Hermann-Löns- 22
Einwohner ● Namen-Teil
Firmen, Gewerbebetriebe usw. nach Namen – siehe gelber Teil
A-DU
